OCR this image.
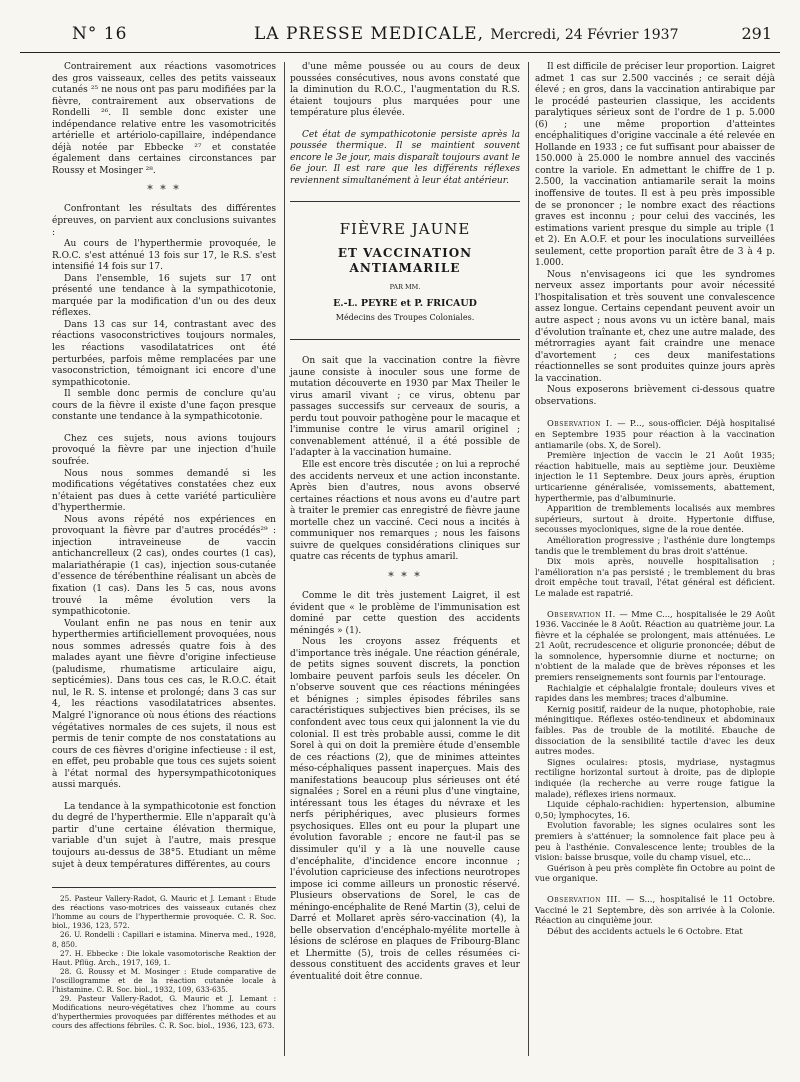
N° 16	LA PRESSE MEDICALE, Mercredi, 24 Février 1937	291

Contrairement aux réactions vasomotrices des gros vaisseaux, celles des petits vaisseaux cutanés ²⁵ ne nous ont pas paru modifiées par la fièvre, contrairement aux observations de Rondelli ²⁶. Il semble donc exister une indépendance relative entre les vasomotricités artérielle et artériolo-capillaire, indépendance déjà notée par Ebbecke ²⁷ et constatée également dans certaines circonstances par Roussy et Mosinger ²⁸.

* * *

Confrontant les résultats des différentes épreuves, on parvient aux conclusions suivantes :

Au cours de l'hyperthermie provoquée, le R.O.C. s'est atténué 13 fois sur 17, le R.S. s'est intensifié 14 fois sur 17.

Dans l'ensemble, 16 sujets sur 17 ont présenté une tendance à la sympathicotonie, marquée par la modification d'un ou des deux réflexes.

Dans 13 cas sur 14, contrastant avec des réactions vasoconstrictives toujours normales, les réactions vasodilatatrices ont été perturbées, parfois même remplacées par une vasoconstriction, témoignant ici encore d'une sympathicotonie.

Il semble donc permis de conclure qu'au cours de la fièvre il existe d'une façon presque constante une tendance à la sympathicotonie.

Chez ces sujets, nous avions toujours provoqué la fièvre par une injection d'huile soufrée.

Nous nous sommes demandé si les modifications végétatives constatées chez eux n'étaient pas dues à cette variété particulière d'hyperthermie.

Nous avons répété nos expériences en provoquant la fièvre par d'autres procédés²⁹ : injection intraveineuse de vaccin antichancrelleux (2 cas), ondes courtes (1 cas), malariathérapie (1 cas), injection sous-cutanée d'essence de térébenthine réalisant un abcès de fixation (1 cas). Dans les 5 cas, nous avons trouvé la même évolution vers la sympathicotonie.

Voulant enfin ne pas nous en tenir aux hyperthermies artificiellement provoquées, nous nous sommes adressés quatre fois à des malades ayant une fièvre d'origine infectieuse (paludisme, rhumatisme articulaire aigu, septicémies). Dans tous ces cas, le R.O.C. était nul, le R. S. intense et prolongé; dans 3 cas sur 4, les réactions vasodilatatrices absentes. Malgré l'ignorance où nous étions des réactions végétatives normales de ces sujets, il nous est permis de tenir compte de nos constatations au cours de ces fièvres d'origine infectieuse : il est, en effet, peu probable que tous ces sujets soient à l'état normal des hypersympathicotoniques aussi marqués.

La tendance à la sympathicotonie est fonction du degré de l'hyperthermie. Elle n'apparaît qu'à partir d'une certaine élévation thermique, variable d'un sujet à l'autre, mais presque toujours au-dessus de 38°5. Etudiant un même sujet à deux températures différentes, au cours

25. Pasteur Vallery-Radot, G. Mauric et J. Lemant : Etude des réactions vaso-motrices des vaisseaux cutanés chez l'homme au cours de l'hyperthermie provoquée. C. R. Soc. biol., 1936, 123, 572.

26. U. Rondelli : Capillari e istamina. Minerva med., 1928, 8, 850.

27. H. Ebbecke : Die lokale vasomotorische Reaktion der Haut. Pflüg. Arch., 1917, 169, 1.

28. G. Roussy et M. Mosinger : Etude comparative de l'oscillogramme et de la réaction cutanée locale à l'histamine. C. R. Soc. biol., 1932, 109, 633-635.

29. Pasteur Vallery-Radot, G. Mauric et J. Lemant : Modifications neuro-végétatives chez l'homme au cours d'hyperthermies provoquées par différentes méthodes et au cours des affections fébriles. C. R. Soc. biol., 1936, 123, 673.

d'une même poussée ou au cours de deux poussées consécutives, nous avons constaté que la diminution du R.O.C., l'augmentation du R.S. étaient toujours plus marquées pour une température plus élevée.

Cet état de sympathicotonie persiste après la poussée thermique. Il se maintient souvent encore le 3e jour, mais disparaît toujours avant le 6e jour. Il est rare que les différents réflexes reviennent simultanément à leur état antérieur.

FIÈVRE JAUNE
ET VACCINATION ANTIAMARILE
PAR MM.
E.-L. PEYRE et P. FRICAUD
Médecins des Troupes Coloniales.

On sait que la vaccination contre la fièvre jaune consiste à inoculer sous une forme de mutation découverte en 1930 par Max Theiler le virus amaril vivant ; ce virus, obtenu par passages successifs sur cerveaux de souris, a perdu tout pouvoir pathogène pour le macaque et l'immunise contre le virus amaril originel ; convenablement atténué, il a été possible de l'adapter à la vaccination humaine.

Elle est encore très discutée ; on lui a reproché des accidents nerveux et une action inconstante. Après bien d'autres, nous avons observé certaines réactions et nous avons eu d'autre part à traiter le premier cas enregistré de fièvre jaune mortelle chez un vacciné. Ceci nous a incités à communiquer nos remarques ; nous les faisons suivre de quelques considérations cliniques sur quatre cas récents de typhus amaril.

* * *

Comme le dit très justement Laigret, il est évident que « le problème de l'immunisation est dominé par cette question des accidents méningés » (1).

Nous les croyons assez fréquents et d'importance très inégale. Une réaction générale, de petits signes souvent discrets, la ponction lombaire peuvent parfois seuls les déceler. On n'observe souvent que ces réactions méningées et bénignes ; simples épisodes fébriles sans caractéristiques subjectives bien précises, ils se confondent avec tous ceux qui jalonnent la vie du colonial. Il est très probable aussi, comme le dit Sorel à qui on doit la première étude d'ensemble de ces réactions (2), que de minimes atteintes méso-céphaliques passent inaperçues. Mais des manifestations beaucoup plus sérieuses ont été signalées ; Sorel en a réuni plus d'une vingtaine, intéressant tous les étages du névraxe et les nerfs périphériques, avec plusieurs formes psychosiques. Elles ont eu pour la plupart une évolution favorable ; encore ne faut-il pas se dissimuler qu'il y a là une nouvelle cause d'encéphalite, d'incidence encore inconnue ; l'évolution capricieuse des infections neurotropes impose ici comme ailleurs un pronostic réservé. Plusieurs observations de Sorel, le cas de méningo-encéphalite de René Martin (3), celui de Darré et Mollaret après séro-vaccination (4), la belle observation d'encéphalo-myélite mortelle à lésions de sclérose en plaques de Fribourg-Blanc et Lhermitte (5), trois de celles résumées ci-dessous constituent des accidents graves et leur éventualité doit être connue.

Il est difficile de préciser leur proportion. Laigret admet 1 cas sur 2.500 vaccinés ; ce serait déjà élevé ; en gros, dans la vaccination antirabique par le procédé pasteurien classique, les accidents paralytiques sérieux sont de l'ordre de 1 p. 5.000 (6) ; une même proportion d'atteintes encéphalitiques d'origine vaccinale a été relevée en Hollande en 1933 ; ce fut suffisant pour abaisser de 150.000 à 25.000 le nombre annuel des vaccinés contre la variole. En admettant le chiffre de 1 p. 2.500, la vaccination antiamarile serait la moins inoffensive de toutes. Il est à peu près impossible de se prononcer ; le nombre exact des réactions graves est inconnu ; pour celui des vaccinés, les estimations varient presque du simple au triple (1 et 2). En A.O.F. et pour les inoculations surveillées seulement, cette proportion paraît être de 3 à 4 p. 1.000.

Nous n'envisageons ici que les syndromes nerveux assez importants pour avoir nécessité l'hospitalisation et très souvent une convalescence assez longue. Certains cependant peuvent avoir un autre aspect ; nous avons vu un ictère banal, mais d'évolution traînante et, chez une autre malade, des métrorragies ayant fait craindre une menace d'avortement ; ces deux manifestations réactionnelles se sont produites quinze jours après la vaccination.

Nous exposerons brièvement ci-dessous quatre observations.

Observation I. — P..., sous-officier. Déjà hospitalisé en Septembre 1935 pour réaction à la vaccination antiamarile (obs. X, de Sorel).

Première injection de vaccin le 21 Août 1935; réaction habituelle, mais au septième jour. Deuxième injection le 11 Septembre. Deux jours après, éruption urticarienne généralisée, vomissements, abattement, hyperthermie, pas d'albuminurie.

Apparition de tremblements localisés aux membres supérieurs, surtout à droite. Hypertonie diffuse, secousses myocloniques, signe de la roue dentée.

Amélioration progressive ; l'asthénie dure longtemps tandis que le tremblement du bras droit s'atténue.

Dix mois après, nouvelle hospitalisation ; l'amélioration n'a pas persisté ; le tremblement du bras droit empêche tout travail, l'état général est déficient. Le malade est rapatrié.

Observation II. — Mme C..., hospitalisée le 29 Août 1936. Vaccinée le 8 Août. Réaction au quatrième jour. La fièvre et la céphalée se prolongent, mais atténuées. Le 21 Août, recrudescence et oligurie prononcée; début de la somnolence, hypersomnie diurne et nocturne; on n'obtient de la malade que de brèves réponses et les premiers renseignements sont fournis par l'entourage.

Rachialgie et céphalalgie frontale; douleurs vives et rapides dans les membres; traces d'albumine.

Kernig positif, raideur de la nuque, photophobie, raie méningitique. Réflexes ostéo-tendineux et abdominaux faibles. Pas de trouble de la motilité. Ebauche de dissociation de la sensibilité tactile d'avec les deux autres modes.

Signes oculaires: ptosis, mydriase, nystagmus rectiligne horizontal surtout à droite, pas de diplopie indiquée (la recherche au verre rouge fatigue la malade), réflexes iriens normaux.

Liquide céphalo-rachidien: hypertension, albumine 0,50; lymphocytes, 16.

Evolution favorable; les signes oculaires sont les premiers à s'atténuer; la somnolence fait place peu à peu à l'asthénie. Convalescence lente; troubles de la vision: baisse brusque, voile du champ visuel, etc...

Guérison à peu près complète fin Octobre au point de vue organique.

Observation III. — S..., hospitalisé le 11 Octobre. Vacciné le 21 Septembre, dès son arrivée à la Colonie. Réaction au cinquième jour.

Début des accidents actuels le 6 Octobre. Etat
